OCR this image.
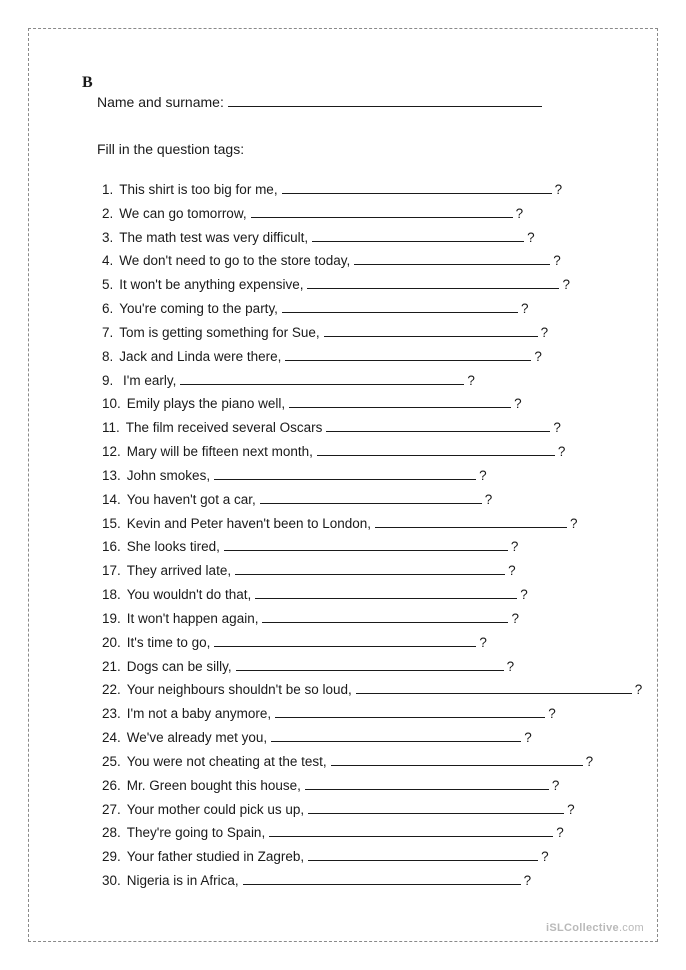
B
Name and surname:
Fill in the question tags:
1. This shirt is too big for me,	?
2. We can go tomorrow,	?
3. The math test was very difficult,	?
4. We don't need to go to the store today,	?
5. It won't be anything expensive,	?
6. You're coming to the party,	?
7. Tom is getting something for Sue,	?
8. Jack and Linda were there,	?
9. I'm early,	?
10. Emily plays the piano well,	?
11. The film received several Oscars	?
12. Mary will be fifteen next month,	?
13. John smokes,	?
14. You haven't got a car,	?
15. Kevin and Peter haven't been to London,	?
16. She looks tired,	?
17. They arrived late,	?
18. You wouldn't do that,	?
19. It won't happen again,	?
20. It's time to go,	?
21. Dogs can be silly,	?
22. Your neighbours shouldn't be so loud,	?
23. I'm not a baby anymore,	?
24. We've already met you,	?
25. You were not cheating at the test,	?
26. Mr. Green bought this house,	?
27. Your mother could pick us up,	?
28. They're going to Spain,	?
29. Your father studied in Zagreb,	?
30. Nigeria is in Africa,	?
iSLCollective.com
